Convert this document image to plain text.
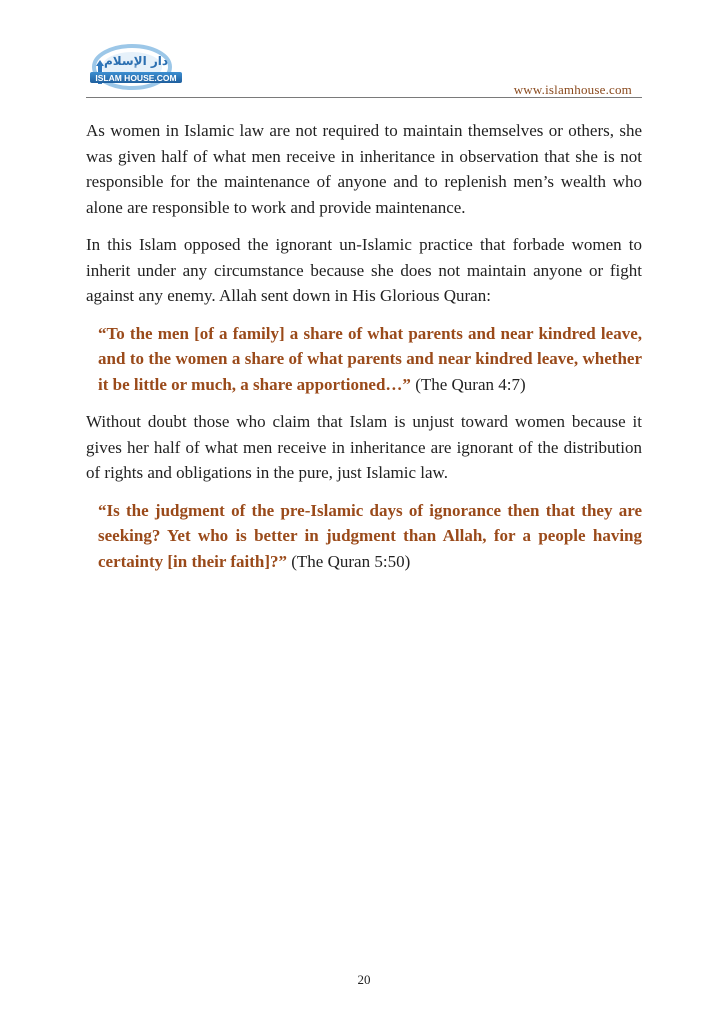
دار الإسلام
ISLAM HOUSE.COM
www.islamhouse.com

As women in Islamic law are not required to maintain themselves or others, she was given half of what men receive in inheritance in observation that she is not responsible for the maintenance of anyone and to replenish men’s wealth who alone are responsible to work and provide maintenance.

In this Islam opposed the ignorant un-Islamic practice that forbade women to inherit under any circumstance because she does not maintain anyone or fight against any enemy. Allah sent down in His Glorious Quran:

“To the men [of a family] a share of what parents and near kindred leave, and to the women a share of what parents and near kindred leave, whether it be little or much, a share apportioned…” (The Quran 4:7)

Without doubt those who claim that Islam is unjust toward women because it gives her half of what men receive in inheritance are ignorant of the distribution of rights and obligations in the pure, just Islamic law.

“Is the judgment of the pre-Islamic days of ignorance then that they are seeking? Yet who is better in judgment than Allah, for a people having certainty [in their faith]?” (The Quran 5:50)
20
